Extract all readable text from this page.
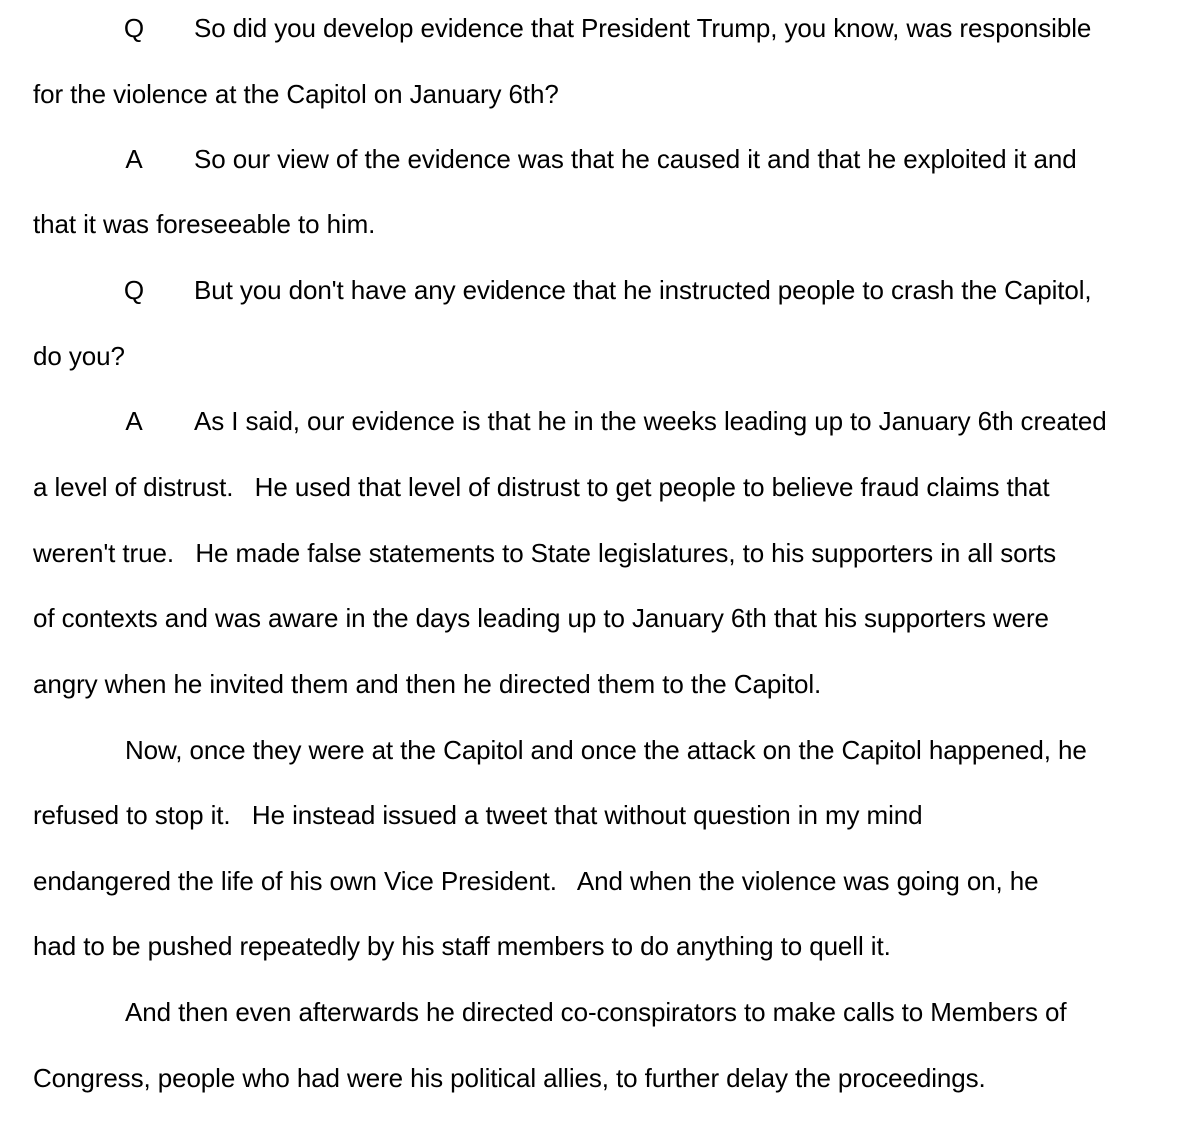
Q So did you develop evidence that President Trump, you know, was responsible
for the violence at the Capitol on January 6th?
A So our view of the evidence was that he caused it and that he exploited it and
that it was foreseeable to him.
Q But you don't have any evidence that he instructed people to crash the Capitol,
do you?
A As I said, our evidence is that he in the weeks leading up to January 6th created
a level of distrust.   He used that level of distrust to get people to believe fraud claims that
weren't true.   He made false statements to State legislatures, to his supporters in all sorts
of contexts and was aware in the days leading up to January 6th that his supporters were
angry when he invited them and then he directed them to the Capitol.
Now, once they were at the Capitol and once the attack on the Capitol happened, he
refused to stop it.   He instead issued a tweet that without question in my mind
endangered the life of his own Vice President.   And when the violence was going on, he
had to be pushed repeatedly by his staff members to do anything to quell it.
And then even afterwards he directed co-conspirators to make calls to Members of
Congress, people who had were his political allies, to further delay the proceedings.
